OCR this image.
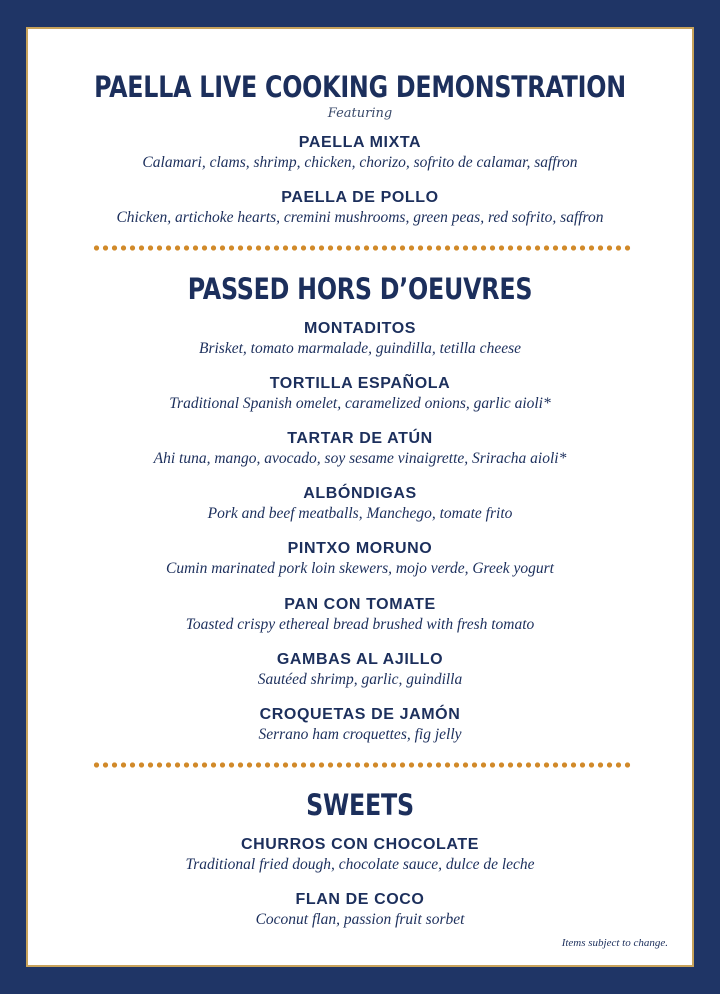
PAELLA LIVE COOKING DEMONSTRATION
Featuring
PAELLA MIXTA
Calamari, clams, shrimp, chicken, chorizo, sofrito de calamar, saffron
PAELLA DE POLLO
Chicken, artichoke hearts, cremini mushrooms, green peas, red sofrito, saffron
PASSED HORS D’OEUVRES
MONTADITOS
Brisket, tomato marmalade, guindilla, tetilla cheese
TORTILLA ESPAÑOLA
Traditional Spanish omelet, caramelized onions, garlic aioli*
TARTAR DE ATÚN
Ahi tuna, mango, avocado, soy sesame vinaigrette, Sriracha aioli*
ALBÓNDIGAS
Pork and beef meatballs, Manchego, tomate frito
PINTXO MORUNO
Cumin marinated pork loin skewers, mojo verde, Greek yogurt
PAN CON TOMATE
Toasted crispy ethereal bread brushed with fresh tomato
GAMBAS AL AJILLO
Sautéed shrimp, garlic, guindilla
CROQUETAS DE JAMÓN
Serrano ham croquettes, fig jelly
SWEETS
CHURROS CON CHOCOLATE
Traditional fried dough, chocolate sauce, dulce de leche
FLAN DE COCO
Coconut flan, passion fruit sorbet
Items subject to change.
